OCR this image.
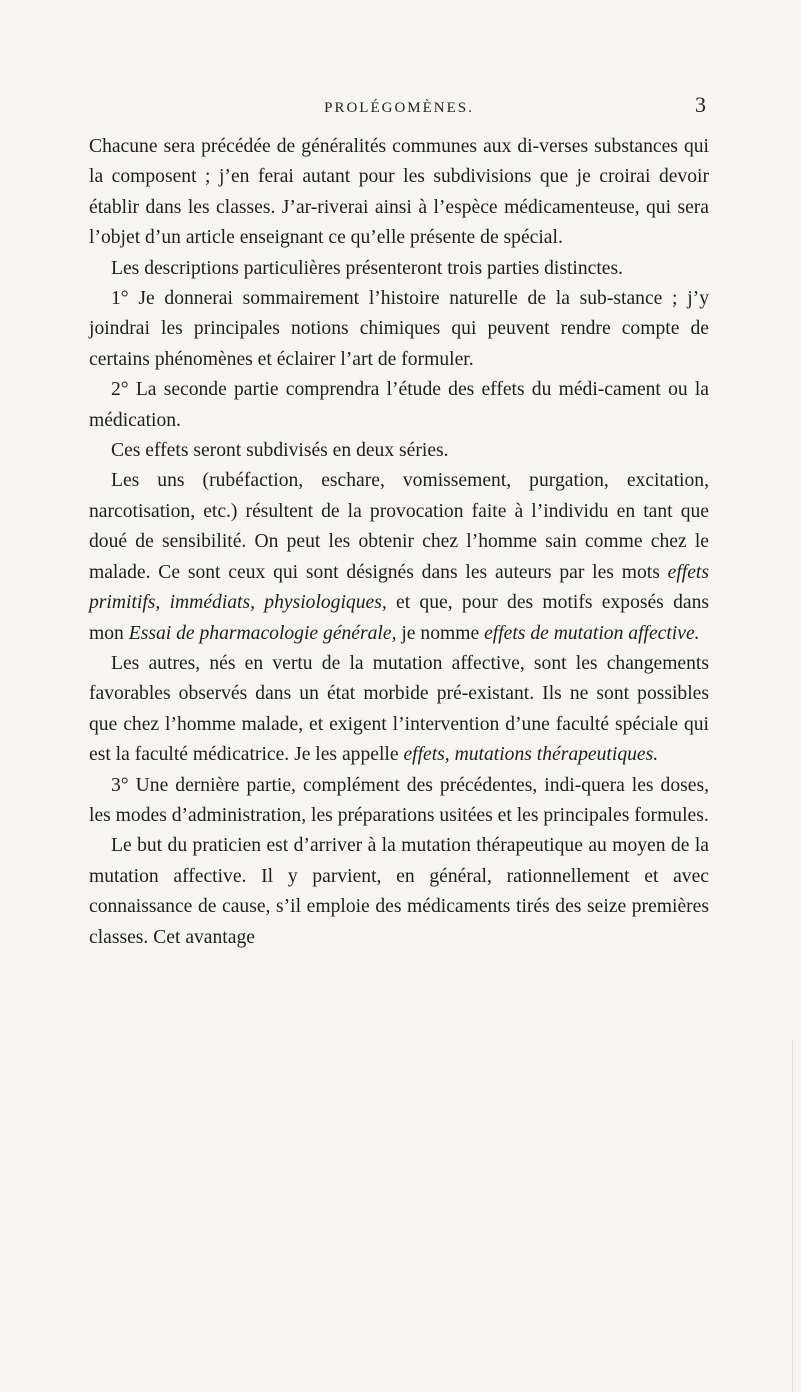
PROLÉGOMÈNES.	3

Chacune sera précédée de généralités communes aux di-verses substances qui la composent ; j’en ferai autant pour les subdivisions que je croirai devoir établir dans les classes. J’ar-riverai ainsi à l’espèce médicamenteuse, qui sera l’objet d’un article enseignant ce qu’elle présente de spécial.

Les descriptions particulières présenteront trois parties distinctes.

1° Je donnerai sommairement l’histoire naturelle de la sub-stance ; j’y joindrai les principales notions chimiques qui peuvent rendre compte de certains phénomènes et éclairer l’art de formuler.

2° La seconde partie comprendra l’étude des effets du médi-cament ou la médication.

Ces effets seront subdivisés en deux séries.

Les uns (rubéfaction, eschare, vomissement, purgation, excitation, narcotisation, etc.) résultent de la provocation faite à l’individu en tant que doué de sensibilité. On peut les obtenir chez l’homme sain comme chez le malade. Ce sont ceux qui sont désignés dans les auteurs par les mots effets primitifs, immédiats, physiologiques, et que, pour des motifs exposés dans mon Essai de pharmacologie générale, je nomme effets de mutation affective.

Les autres, nés en vertu de la mutation affective, sont les changements favorables observés dans un état morbide pré-existant. Ils ne sont possibles que chez l’homme malade, et exigent l’intervention d’une faculté spéciale qui est la faculté médicatrice. Je les appelle effets, mutations thérapeutiques.

3° Une dernière partie, complément des précédentes, indi-quera les doses, les modes d’administration, les préparations usitées et les principales formules.

Le but du praticien est d’arriver à la mutation thérapeutique au moyen de la mutation affective. Il y parvient, en général, rationnellement et avec connaissance de cause, s’il emploie des médicaments tirés des seize premières classes. Cet avantage
